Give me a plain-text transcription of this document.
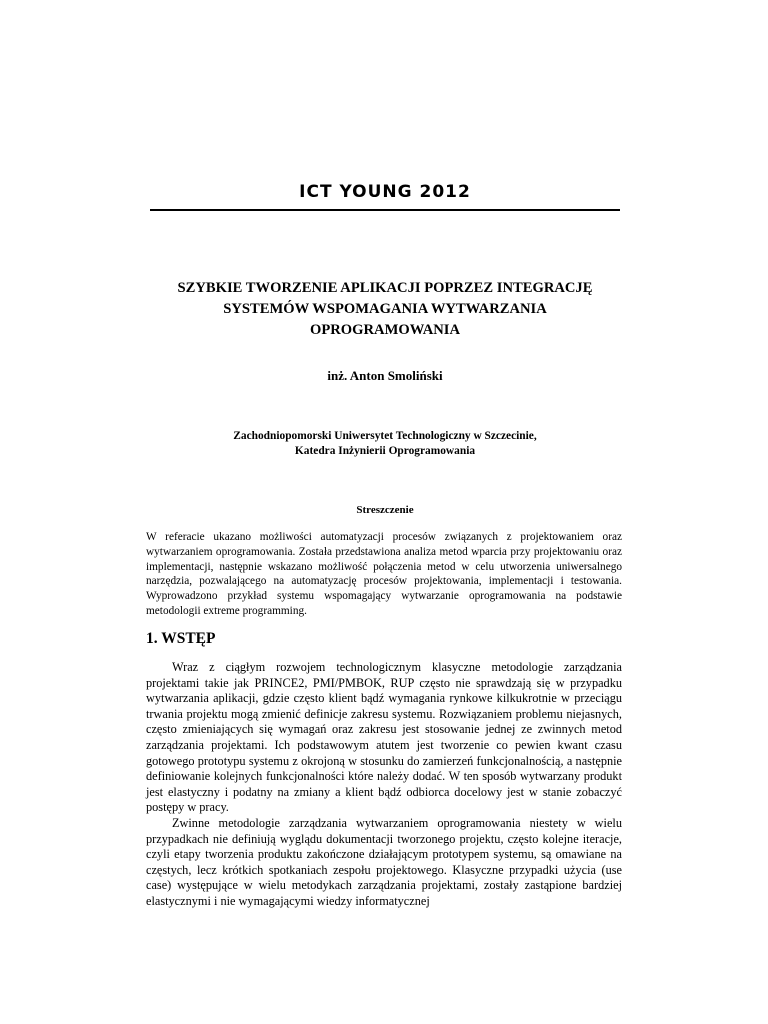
ICT YOUNG 2012
SZYBKIE TWORZENIE APLIKACJI POPRZEZ INTEGRACJĘ
SYSTEMÓW WSPOMAGANIA WYTWARZANIA
OPROGRAMOWANIA
inż. Anton Smoliński
Zachodniopomorski Uniwersytet Technologiczny w Szczecinie,
Katedra Inżynierii Oprogramowania
Streszczenie
W referacie ukazano możliwości automatyzacji procesów związanych z projektowaniem oraz wytwarzaniem oprogramowania. Została przedstawiona analiza metod wparcia przy projektowaniu oraz implementacji, następnie wskazano możliwość połączenia metod w celu utworzenia uniwersalnego narzędzia, pozwalającego na automatyzację procesów projektowania, implementacji i testowania. Wyprowadzono przykład systemu wspomagający wytwarzanie oprogramowania na podstawie metodologii extreme programming.
1. WSTĘP

Wraz z ciągłym rozwojem technologicznym klasyczne metodologie zarządzania projektami takie jak PRINCE2, PMI/PMBOK, RUP często nie sprawdzają się w przypadku wytwarzania aplikacji, gdzie często klient bądź wymagania rynkowe kilkukrotnie w przeciągu trwania projektu mogą zmienić definicje zakresu systemu. Rozwiązaniem problemu niejasnych, często zmieniających się wymagań oraz zakresu jest stosowanie jednej ze zwinnych metod zarządzania projektami. Ich podstawowym atutem jest tworzenie co pewien kwant czasu gotowego prototypu systemu z okrojoną w stosunku do zamierzeń funkcjonalnością, a następnie definiowanie kolejnych funkcjonalności które należy dodać. W ten sposób wytwarzany produkt jest elastyczny i podatny na zmiany a klient bądź odbiorca docelowy jest w stanie zobaczyć postępy w pracy.

Zwinne metodologie zarządzania wytwarzaniem oprogramowania niestety w wielu przypadkach nie definiują wyglądu dokumentacji tworzonego projektu, często kolejne iteracje, czyli etapy tworzenia produktu zakończone działającym prototypem systemu, są omawiane na częstych, lecz krótkich spotkaniach zespołu projektowego. Klasyczne przypadki użycia (use case) występujące w wielu metodykach zarządzania projektami, zostały zastąpione bardziej elastycznymi i nie wymagającymi wiedzy informatycznej
